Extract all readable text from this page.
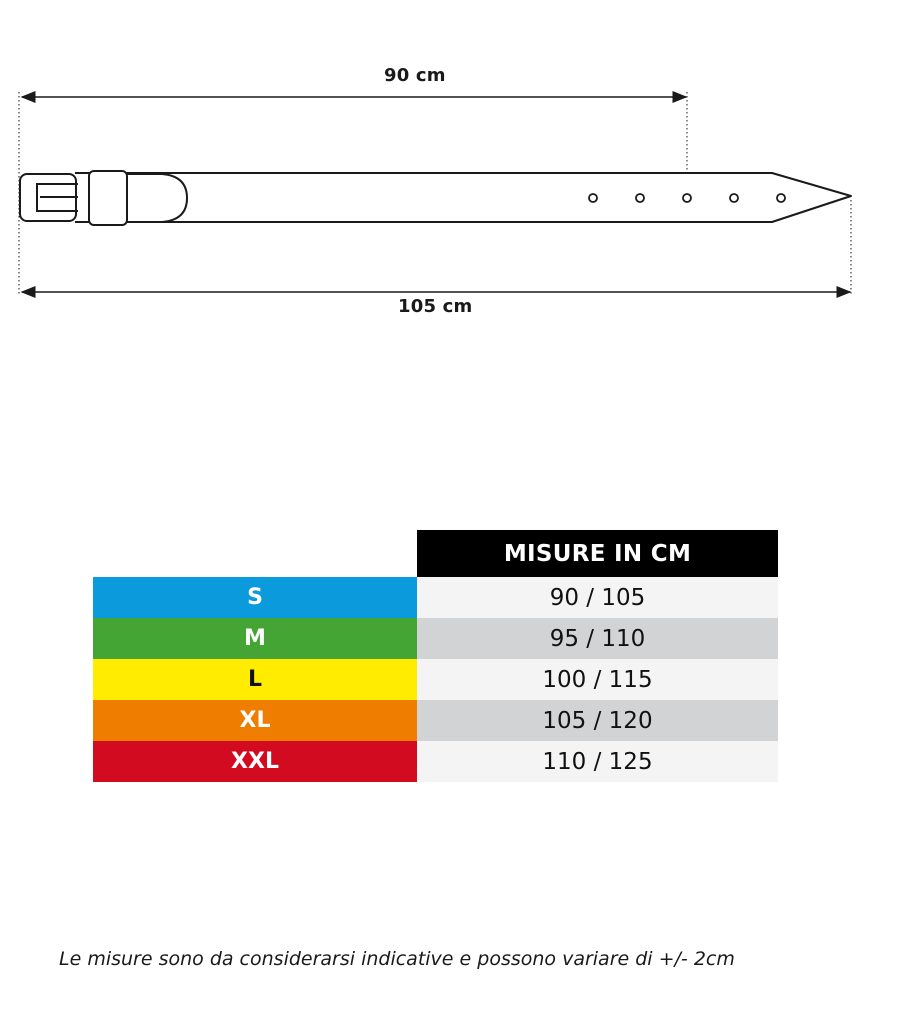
90 cm
105 cm
MISURE IN CM
S	90 / 105
M	95 / 110
L	100 / 115
XL	105 / 120
XXL	110 / 125
Le misure sono da considerarsi indicative e possono variare di +/- 2cm
